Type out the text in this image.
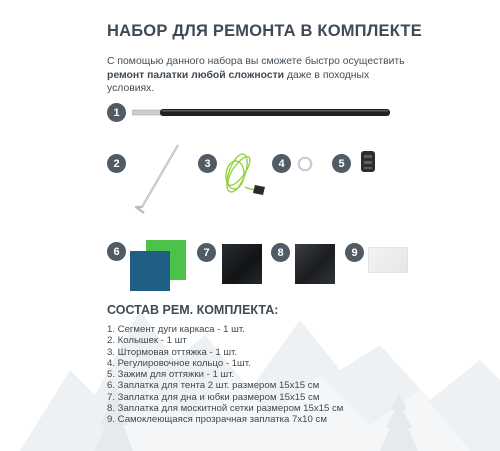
НАБОР ДЛЯ РЕМОНТА В КОМПЛЕКТЕ
С помощью данного набора вы сможете быстро осуществить ремонт палатки любой сложности даже в походных условиях.
1
2	3	4	5
6	7	8	9
СОСТАВ РЕМ. КОМПЛЕКТА:
1. Сегмент дуги каркаса - 1 шт.
2. Колышек - 1 шт
3. Штормовая оттяжка - 1 шт.
4. Регулировочное кольцо - 1шт.
5. Зажим для оттяжки - 1 шт.
6. Заплатка для тента 2 шт. размером 15x15 см
7. Заплатка для дна и юбки размером 15x15 см
8. Заплатка для москитной сетки размером 15x15 см
9. Самоклеющаяся прозрачная заплатка 7x10 см
